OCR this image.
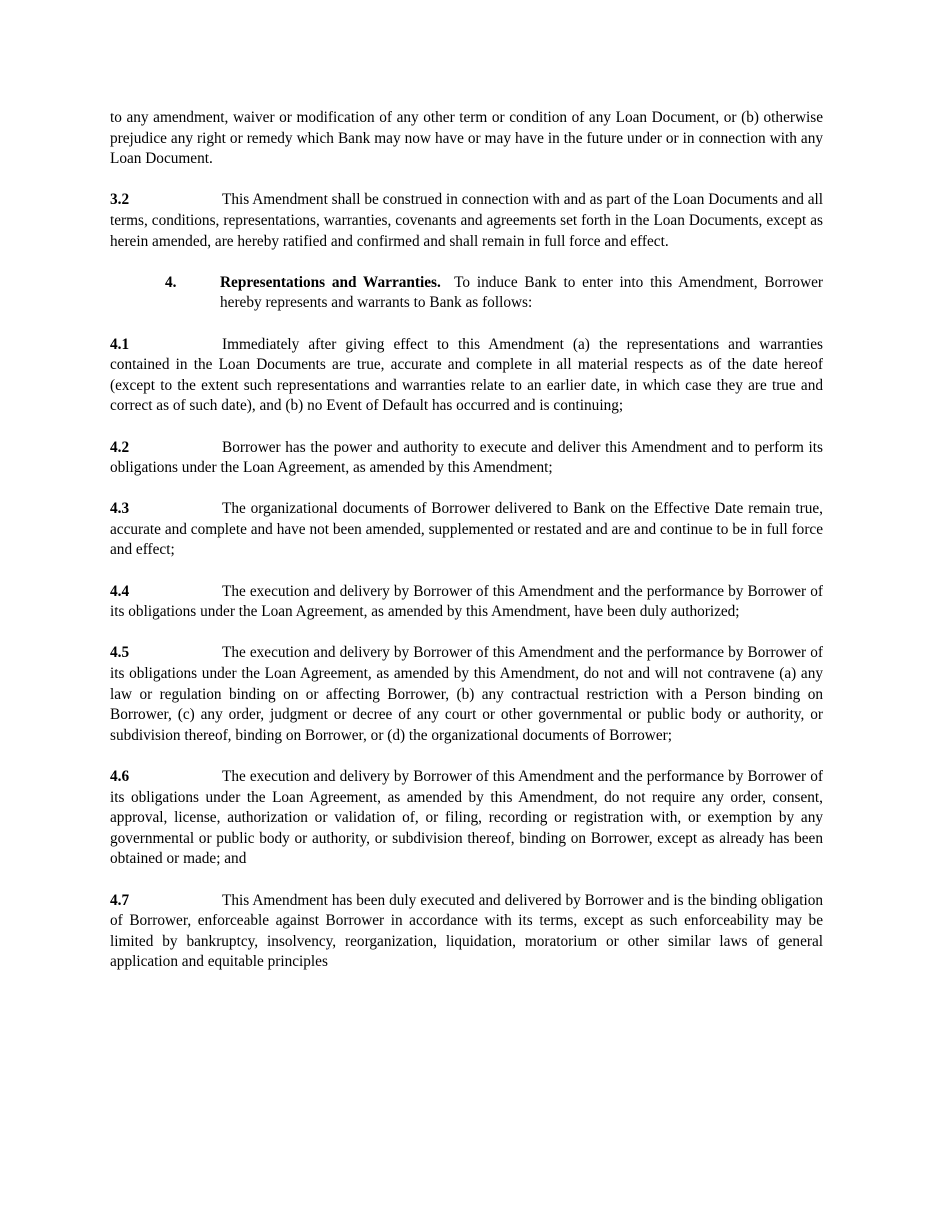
to any amendment, waiver or modification of any other term or condition of any Loan Document, or (b) otherwise prejudice any right or remedy which Bank may now have or may have in the future under or in connection with any Loan Document.

3.2	This Amendment shall be construed in connection with and as part of the Loan Documents and all terms, conditions, representations, warranties, covenants and agreements set forth in the Loan Documents, except as herein amended, are hereby ratified and confirmed and shall remain in full force and effect.

4.	Representations and Warranties. To induce Bank to enter into this Amendment, Borrower hereby represents and warrants to Bank as follows:

4.1	Immediately after giving effect to this Amendment (a) the representations and warranties contained in the Loan Documents are true, accurate and complete in all material respects as of the date hereof (except to the extent such representations and warranties relate to an earlier date, in which case they are true and correct as of such date), and (b) no Event of Default has occurred and is continuing;

4.2	Borrower has the power and authority to execute and deliver this Amendment and to perform its obligations under the Loan Agreement, as amended by this Amendment;

4.3	The organizational documents of Borrower delivered to Bank on the Effective Date remain true, accurate and complete and have not been amended, supplemented or restated and are and continue to be in full force and effect;

4.4	The execution and delivery by Borrower of this Amendment and the performance by Borrower of its obligations under the Loan Agreement, as amended by this Amendment, have been duly authorized;

4.5	The execution and delivery by Borrower of this Amendment and the performance by Borrower of its obligations under the Loan Agreement, as amended by this Amendment, do not and will not contravene (a) any law or regulation binding on or affecting Borrower, (b) any contractual restriction with a Person binding on Borrower, (c) any order, judgment or decree of any court or other governmental or public body or authority, or subdivision thereof, binding on Borrower, or (d) the organizational documents of Borrower;

4.6	The execution and delivery by Borrower of this Amendment and the performance by Borrower of its obligations under the Loan Agreement, as amended by this Amendment, do not require any order, consent, approval, license, authorization or validation of, or filing, recording or registration with, or exemption by any governmental or public body or authority, or subdivision thereof, binding on Borrower, except as already has been obtained or made; and

4.7	This Amendment has been duly executed and delivered by Borrower and is the binding obligation of Borrower, enforceable against Borrower in accordance with its terms, except as such enforceability may be limited by bankruptcy, insolvency, reorganization, liquidation, moratorium or other similar laws of general application and equitable principles
